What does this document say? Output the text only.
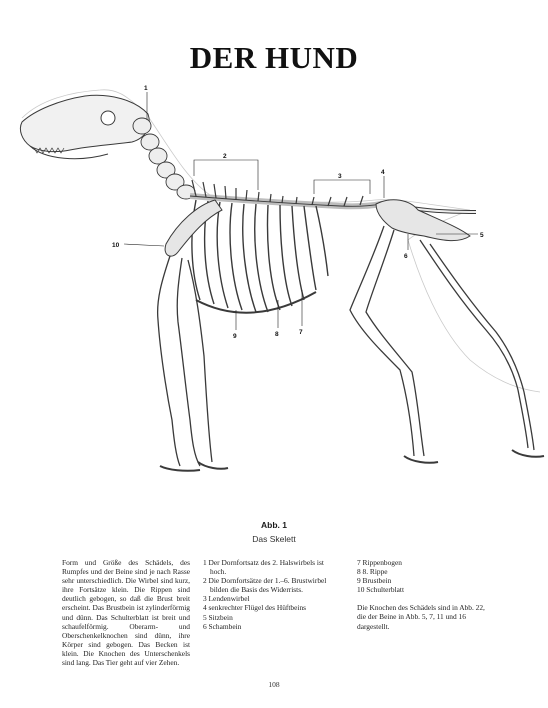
DER HUND
1
2
3
4
5
6
7
8
9
10
Abb. 1
Das Skelett
Form und Größe des Schädels, des Rumpfes und der Beine sind je nach Rasse sehr unterschiedlich. Die Wirbel sind kurz, ihre Fortsätze klein. Die Rippen sind deutlich gebogen, so daß die Brust breit erscheint. Das Brustbein ist zylinderförmig und dünn. Das Schulterblatt ist breit und schaufelförmig. Oberarm- und Oberschenkelknochen sind dünn, ihre Körper sind gebogen. Das Becken ist klein. Die Knochen des Unterschenkels sind lang. Das Tier geht auf vier Zehen.
1 Der Dornfortsatz des 2. Halswirbels ist
hoch.
2 Die Dornfortsätze der 1.–6. Brustwirbel
bilden die Basis des Widerrists.
3 Lendenwirbel
4 senkrechter Flügel des Hüftbeins
5 Sitzbein
6 Schambein
7 Rippenbogen
8 8. Rippe
9 Brustbein
10 Schulterblatt
Die Knochen des Schädels sind in Abb. 22,
die der Beine in Abb. 5, 7, 11 und 16 dargestellt.
108
